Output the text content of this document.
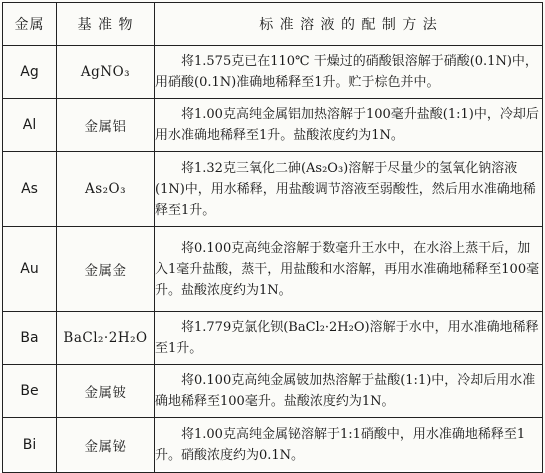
金属	基 准 物	标 准 溶 液 的 配 制 方 法
Ag	AgNO₃	将1.575克已在110℃ 干燥过的硝酸银溶解于硝酸(0.1N)中，用硝酸(0.1N)准确地稀释至1升。贮于棕色并中。

Al	金属铝	将1.00克高纯金属铝加热溶解于100毫升盐酸(1:1)中，冷却后用水准确地稀释至1升。盐酸浓度约为1N。

As	As₂O₃	将1.32克三氧化二砷(As₂O₃)溶解于尽量少的氢氧化钠溶液(1N)中，用水稀释，用盐酸调节溶液至弱酸性，然后用水准确地稀释至1升。

Au	金属金	将0.100克高纯金溶解于数毫升王水中，在水浴上蒸干后，加入1毫升盐酸，蒸干，用盐酸和水溶解，再用水准确地稀释至100毫升。盐酸浓度约为1N。

Ba	BaCl₂·2H₂O	将1.779克氯化钡(BaCl₂·2H₂O)溶解于水中，用水准确地稀释至1升。

Be	金属铍	将0.100克高纯金属铍加热溶解于盐酸(1:1)中，冷却后用水准确地稀释至100毫升。盐酸浓度约为1N。

Bi	金属铋	将1.00克高纯金属铋溶解于1:1硝酸中，用水准确地稀释至1升。硝酸浓度约为0.1N。
